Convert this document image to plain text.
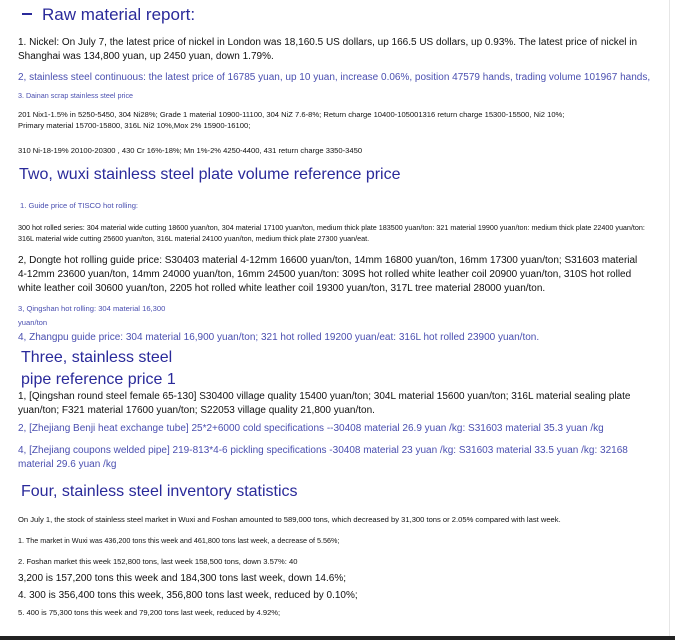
Raw material report:
1. Nickel: On July 7, the latest price of nickel in London was 18,160.5 US dollars, up 166.5 US dollars, up 0.93%. The latest price of nickel in Shanghai was 134,800 yuan, up 2450 yuan, down 1.79%.
2, stainless steel continuous: the latest price of 16785 yuan, up 10 yuan, increase 0.06%, position 47579 hands, trading volume 101967 hands,
3. Dainan scrap stainless steel price
201 Nix1-1.5% in 5250-5450, 304 Ni28%; Grade 1 material 10900-11100, 304 NiZ 7.6-8%; Return charge 10400-105001316 return charge 15300-15500, Ni2 10%; Primary material 15700-15800, 316L Ni2 10%,Mox 2% 15900-16100;
310 Ni-18-19% 20100-20300 , 430 Cr 16%-18%; Mn 1%-2% 4250-4400, 431 return charge 3350-3450
Two, wuxi stainless steel plate volume reference price
1. Guide price of TISCO hot rolling:
300 hot rolled series: 304 material wide cutting 18600 yuan/ton, 304 material 17100 yuan/ton, medium thick plate 183500 yuan/ton: 321 material 19900 yuan/ton: medium thick plate 22400 yuan/ton: 316L material wide cutting 25600 yuan/ton, 316L material 24100 yuan/ton, medium thick plate 27300 yuan/eat.
2, Dongte hot rolling guide price: S30403 material 4-12mm 16600 yuan/ton, 14mm 16800 yuan/ton, 16mm 17300 yuan/ton; S31603 material 4-12mm 23600 yuan/ton, 14mm 24000 yuan/ton, 16mm 24500 yuan/ton: 309S hot rolled white leather coil 20900 yuan/ton, 310S hot rolled white leather coil 30600 yuan/ton, 2205 hot rolled white leather coil 19300 yuan/ton, 317L tree material 28000 yuan/ton.
3, Qingshan hot rolling: 304 material 16,300
yuan/ton
4, Zhangpu guide price: 304 material 16,900 yuan/ton; 321 hot rolled 19200 yuan/eat: 316L hot rolled 23900 yuan/ton.
Three, stainless steel
pipe reference price 1
1, [Qingshan round steel female 65-130] S30400 village quality 15400 yuan/ton; 304L material 15600 yuan/ton; 316L material sealing plate yuan/ton; F321 material 17600 yuan/ton; S22053 village quality 21,800 yuan/ton.
2, [Zhejiang Benji heat exchange tube] 25*2+6000 cold specifications --30408 material 26.9 yuan /kg: S31603 material 35.3 yuan /kg
4, [Zhejiang coupons welded pipe] 219-813*4-6 pickling specifications -30408 material 23 yuan /kg: S31603 material 33.5 yuan /kg: 32168 material 29.6 yuan /kg
Four, stainless steel inventory statistics
On July 1, the stock of stainless steel market in Wuxi and Foshan amounted to 589,000 tons, which decreased by 31,300 tons or 2.05% compared with last week.
1. The market in Wuxi was 436,200 tons this week and 461,800 tons last week, a decrease of 5.56%;
2. Foshan market this week 152,800 tons, last week 158,500 tons, down 3.57%: 40
3,200 is 157,200 tons this week and 184,300 tons last week, down 14.6%;
4. 300 is 356,400 tons this week, 356,800 tons last week, reduced by 0.10%;
5. 400 is 75,300 tons this week and 79,200 tons last week, reduced by 4.92%;
